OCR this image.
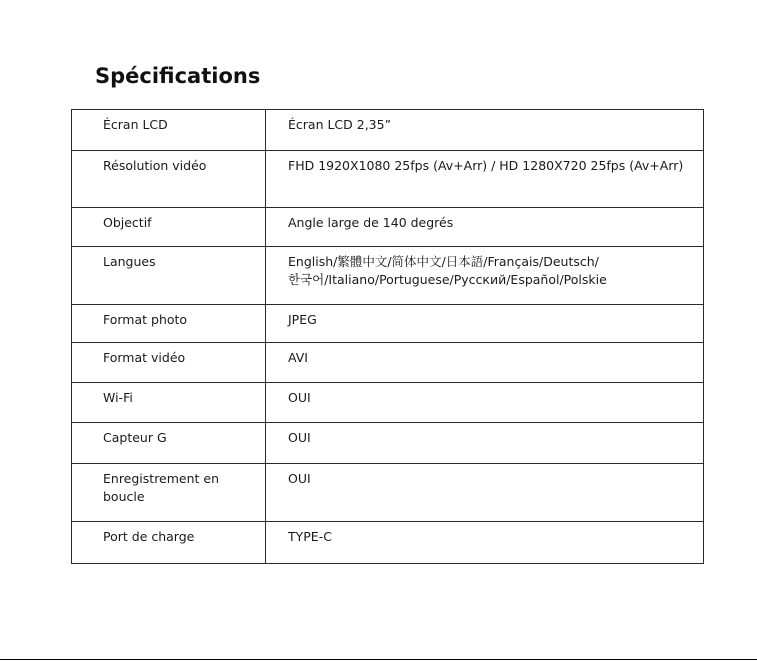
Spécifications
Écran LCD	Écran LCD 2,35”
Résolution vidéo	FHD 1920X1080 25fps (Av+Arr) / HD 1280X720 25fps (Av+Arr)
Objectif	Angle large de 140 degrés
Langues	English/繁體中文/简体中文/日本語/Français/Deutsch/
한국어/Italiano/Portuguese/Русский/Español/Polskie
Format photo	JPEG
Format vidéo	AVI
Wi-Fi	OUI
Capteur G	OUI
Enregistrement en boucle	OUI
Port de charge	TYPE-C
